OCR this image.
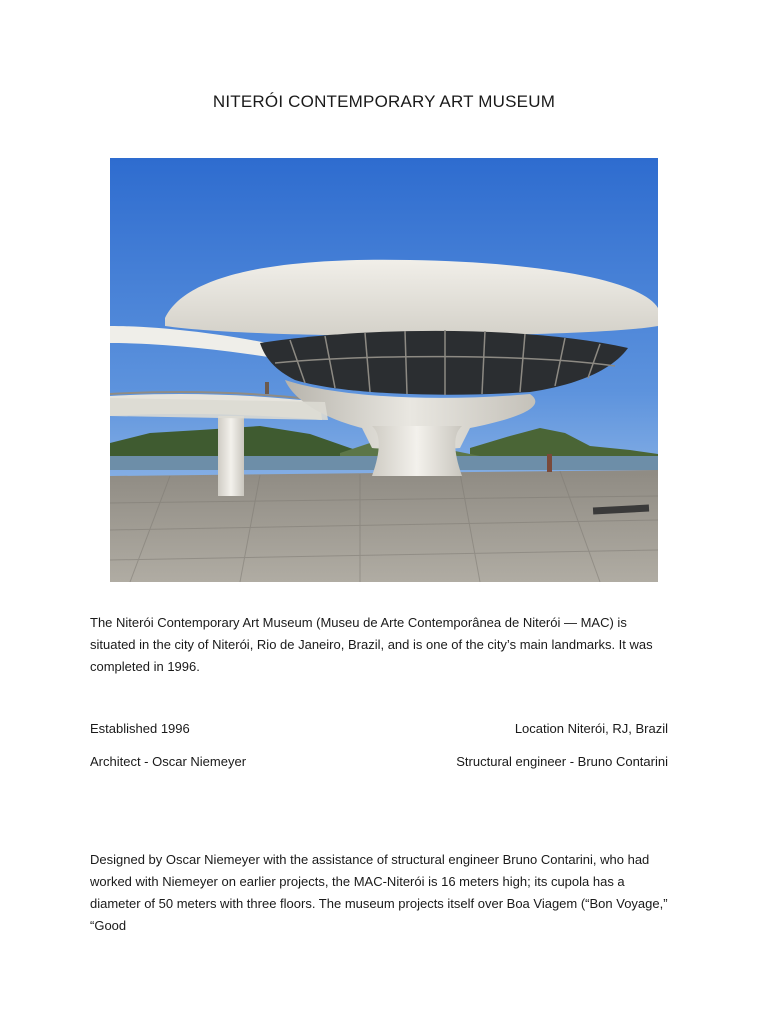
NITERÓI CONTEMPORARY ART MUSEUM
The Niterói Contemporary Art Museum (Museu de Arte Contemporânea de Niterói — MAC) is situated in the city of Niterói, Rio de Janeiro, Brazil, and is one of the city’s main landmarks. It was completed in 1996.
Established 1996	Location Niterói, RJ, Brazil
Architect - Oscar Niemeyer	Structural engineer - Bruno Contarini
Designed by Oscar Niemeyer with the assistance of structural engineer Bruno Contarini, who had worked with Niemeyer on earlier projects, the MAC-Niterói is 16 meters high; its cupola has a diameter of 50 meters with three floors. The museum projects itself over Boa Viagem (“Bon Voyage,” “Good
